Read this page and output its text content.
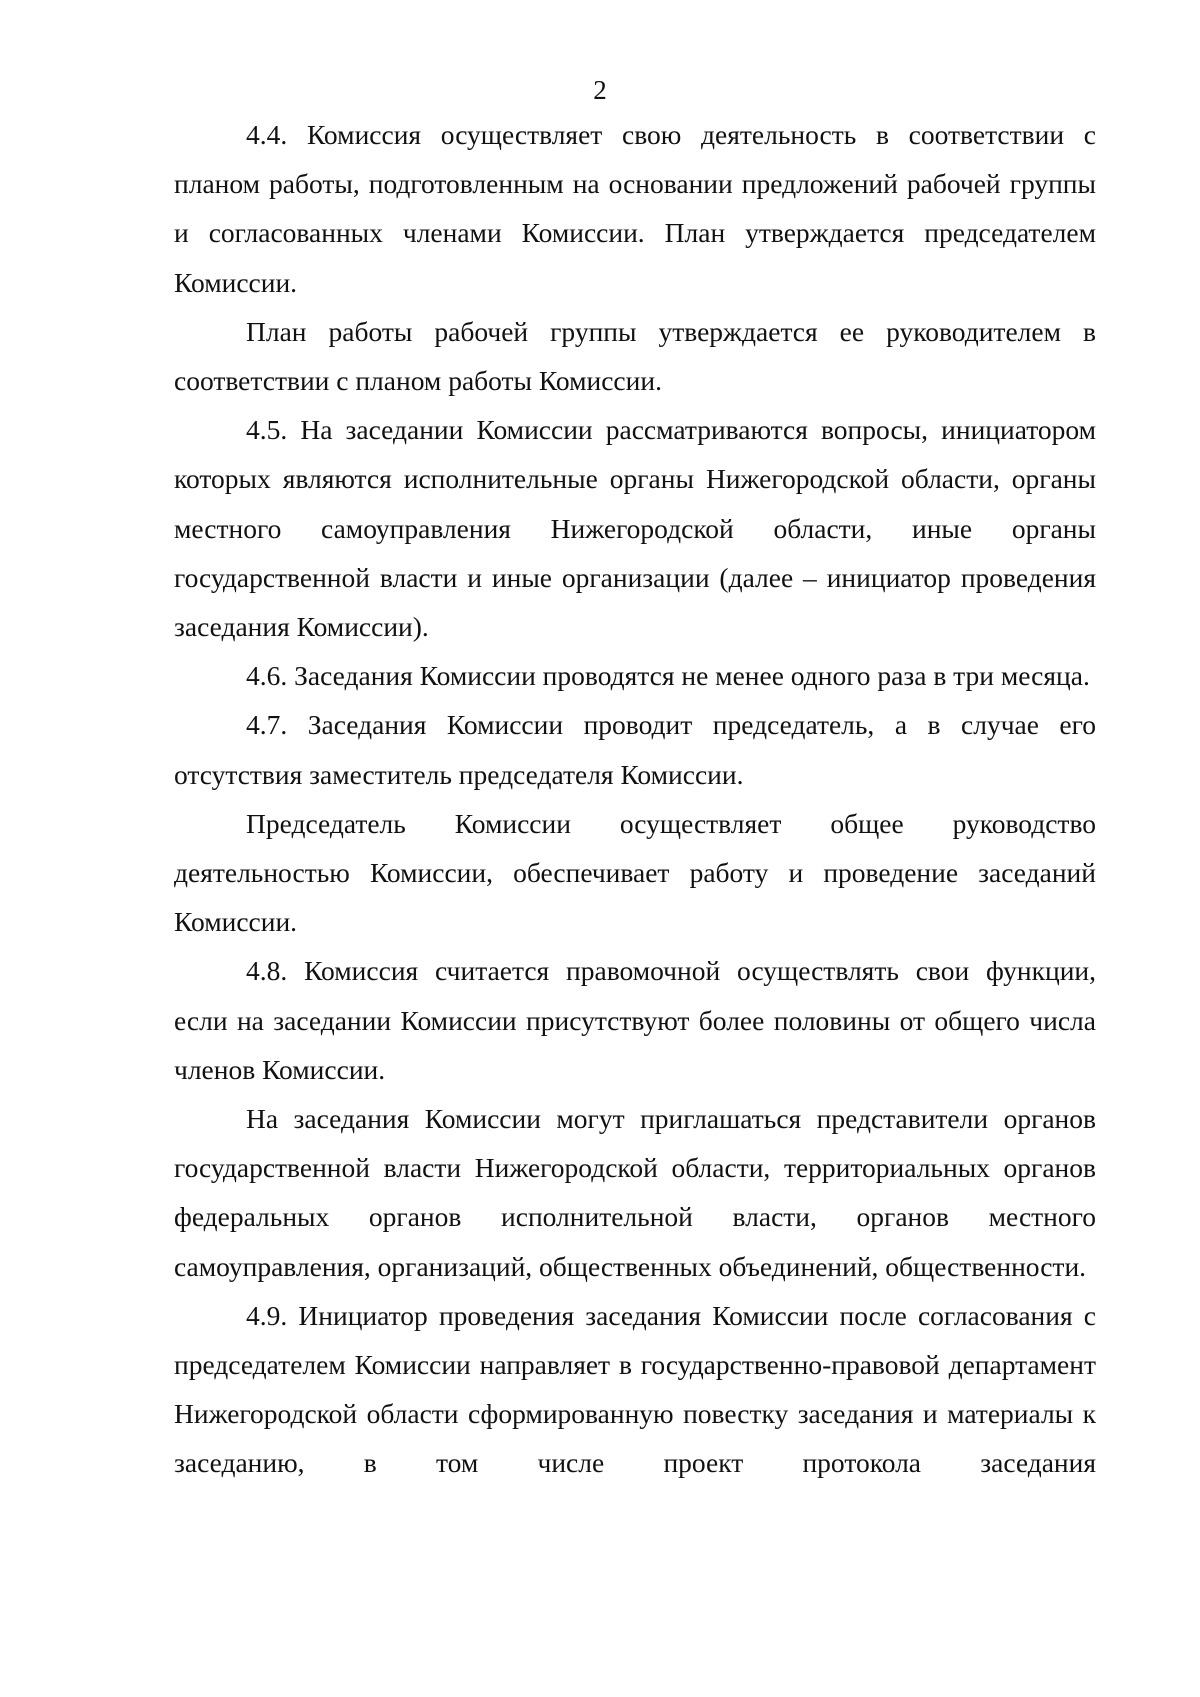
2

4.4. Комиссия осуществляет свою деятельность в соответствии с планом работы, подготовленным на основании предложений рабочей группы и согласованных членами Комиссии. План утверждается председателем Комиссии.

План работы рабочей группы утверждается ее руководителем в соответствии с планом работы Комиссии.

4.5. На заседании Комиссии рассматриваются вопросы, инициатором которых являются исполнительные органы Нижегородской области, органы местного самоуправления Нижегородской области, иные органы государственной власти и иные организации (далее – инициатор проведения заседания Комиссии).

4.6. Заседания Комиссии проводятся не менее одного раза в три месяца.

4.7. Заседания Комиссии проводит председатель, а в случае его отсутствия заместитель председателя Комиссии.

Председатель Комиссии осуществляет общее руководство деятельностью Комиссии, обеспечивает работу и проведение заседаний Комиссии.

4.8. Комиссия считается правомочной осуществлять свои функции, если на заседании Комиссии присутствуют более половины от общего числа членов Комиссии.

На заседания Комиссии могут приглашаться представители органов государственной власти Нижегородской области, территориальных органов федеральных органов исполнительной власти, органов местного самоуправления, организаций, общественных объединений, общественности.

4.9. Инициатор проведения заседания Комиссии после согласования с председателем Комиссии направляет в государственно-правовой департамент Нижегородской области сформированную повестку заседания и материалы к заседанию, в том числе проект протокола заседания
